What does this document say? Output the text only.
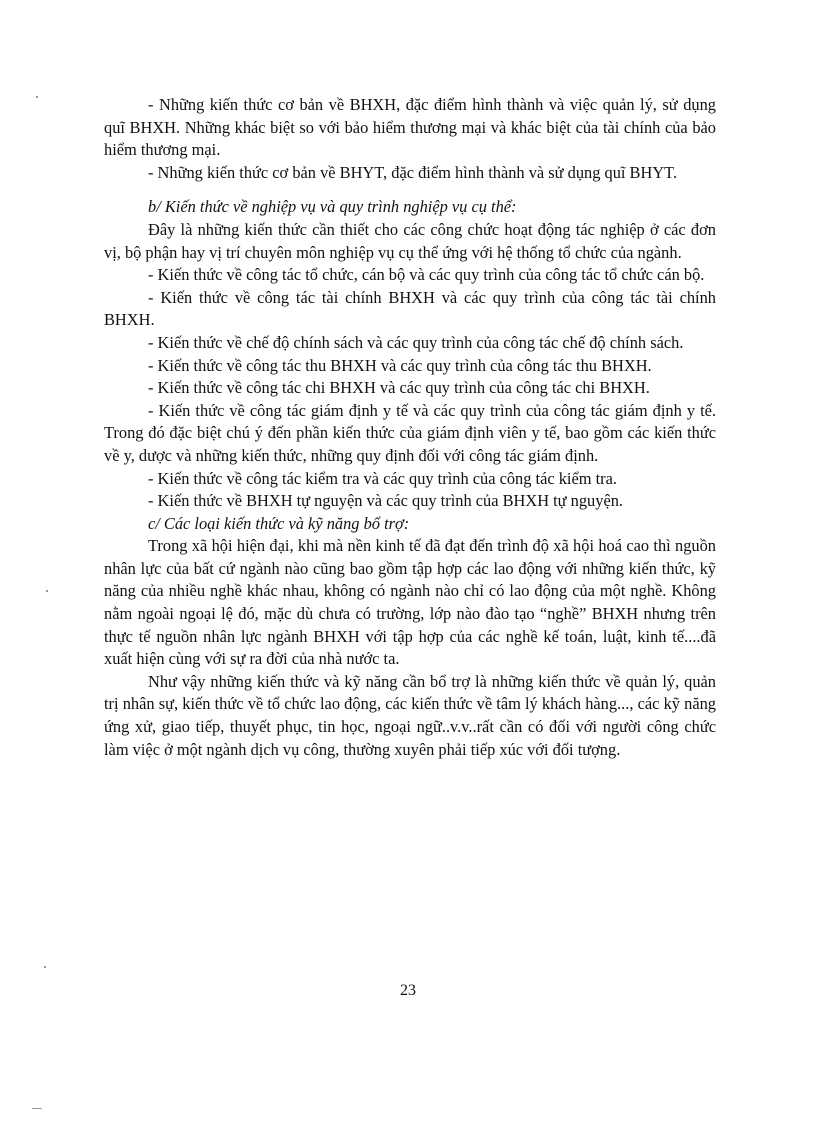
- Những kiến thức cơ bản về BHXH, đặc điểm hình thành và việc quản lý, sử dụng quĩ BHXH. Những khác biệt so với bảo hiểm thương mại và khác biệt của tài chính của bảo hiểm thương mại.

- Những kiến thức cơ bản về BHYT, đặc điểm hình thành và sử dụng quĩ BHYT.

b/ Kiến thức về nghiệp vụ và quy trình nghiệp vụ cụ thể:

Đây là những kiến thức cần thiết cho các công chức hoạt động tác nghiệp ở các đơn vị, bộ phận hay vị trí chuyên môn nghiệp vụ cụ thể ứng với hệ thống tổ chức của ngành.

- Kiến thức về công tác tổ chức, cán bộ và các quy trình của công tác tổ chức cán bộ.

- Kiến thức về công tác tài chính BHXH và các quy trình của công tác tài chính BHXH.

- Kiến thức về chế độ chính sách và các quy trình của công tác chế độ chính sách.

- Kiến thức về công tác thu BHXH và các quy trình của công tác thu BHXH.

- Kiến thức về công tác chi BHXH và các quy trình của công tác chi BHXH.

- Kiến thức về công tác giám định y tế và các quy trình của công tác giám định y tế. Trong đó đặc biệt chú ý đến phần kiến thức của giám định viên y tế, bao gồm các kiến thức về y, dược và những kiến thức, những quy định đối với công tác giám định.

- Kiến thức về công tác kiểm tra và các quy trình của công tác kiểm tra.

- Kiến thức về BHXH tự nguyện và các quy trình của BHXH tự nguyện.

c/ Các loại kiến thức và kỹ năng bổ trợ:

Trong xã hội hiện đại, khi mà nền kinh tế đã đạt đến trình độ xã hội hoá cao thì nguồn nhân lực của bất cứ ngành nào cũng bao gồm tập hợp các lao động với những kiến thức, kỹ năng của nhiều nghề khác nhau, không có ngành nào chỉ có lao động của một nghề. Không nằm ngoài ngoại lệ đó, mặc dù chưa có trường, lớp nào đào tạo “nghề” BHXH nhưng trên thực tế nguồn nhân lực ngành BHXH với tập hợp của các nghề kế toán, luật, kinh tế....đã xuất hiện cùng với sự ra đời của nhà nước ta.

Như vậy những kiến thức và kỹ năng cần bổ trợ là những kiến thức về quản lý, quản trị nhân sự, kiến thức về tổ chức lao động, các kiến thức về tâm lý khách hàng..., các kỹ năng ứng xử, giao tiếp, thuyết phục, tin học, ngoại ngữ..v.v..rất cần có đối với người công chức làm việc ở một ngành dịch vụ công, thường xuyên phải tiếp xúc với đối tượng.

23
